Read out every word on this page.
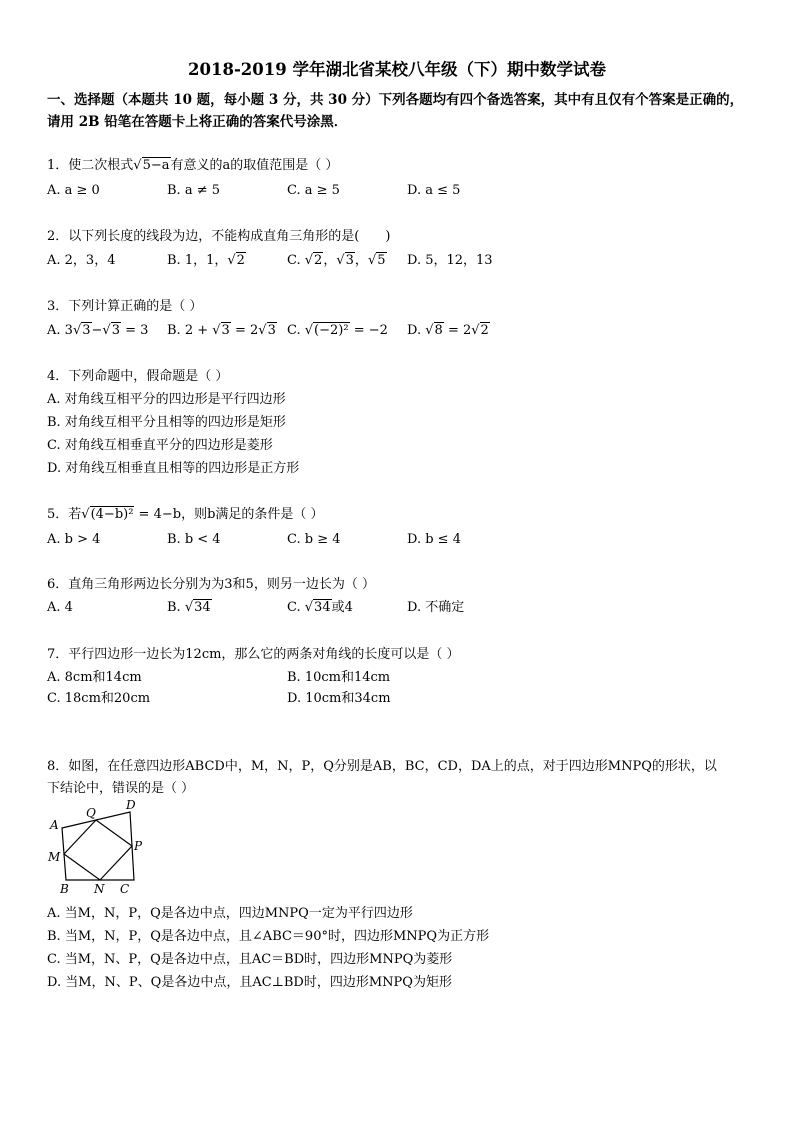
2018-2019 学年湖北省某校八年级（下）期中数学试卷
一、选择题（本题共 10 题，每小题 3 分，共 30 分）下列各题均有四个备选答案，其中有且仅有个答案是正确的，
请用 2B 铅笔在答题卡上将正确的答案代号涂黑．
1．使二次根式√5−a有意义的a的取值范围是（ ）
A. a ≥ 0	B. a ≠ 5	C. a ≥ 5	D. a ≤ 5
2．以下列长度的线段为边，不能构成直角三角形的是(　　)
A. 2，3，4	B. 1，1，√2	C. √2，√3，√5 D. 5，12，13
3．下列计算正确的是（ ）
A. 3√3−√3 = 3 B. 2 + √3 = 2√3 C. √(−2)² = −2 D. √8 = 2√2
4．下列命题中，假命题是（ ）
A. 对角线互相平分的四边形是平行四边形
B. 对角线互相平分且相等的四边形是矩形
C. 对角线互相垂直平分的四边形是菱形
D. 对角线互相垂直且相等的四边形是正方形
5．若√(4−b)² = 4−b，则b满足的条件是（ ）
A. b > 4	B. b < 4	C. b ≥ 4	D. b ≤ 4
6．直角三角形两边长分别为为3和5，则另一边长为（ ）
A. 4	B. √34	C. √34或4	D. 不确定
7．平行四边形一边长为12cm，那么它的两条对角线的长度可以是（ ）
A. 8cm和14cm	B. 10cm和14cm
C. 18cm和20cm	D. 10cm和34cm
8．如图，在任意四边形ABCD中，M，N，P，Q分别是AB，BC，CD，DA上的点，对于四边形MNPQ的形状，以
下结论中，错误的是（ ）
A
Q
D
M
P
B N C
A. 当M，N，P，Q是各边中点，四边MNPQ一定为平行四边形
B. 当M，N，P，Q是各边中点，且∠ABC＝90°时，四边形MNPQ为正方形
C. 当M，N、P，Q是各边中点，且AC＝BD时，四边形MNPQ为菱形
D. 当M，N、P、Q是各边中点，且AC⊥BD时，四边形MNPQ为矩形
